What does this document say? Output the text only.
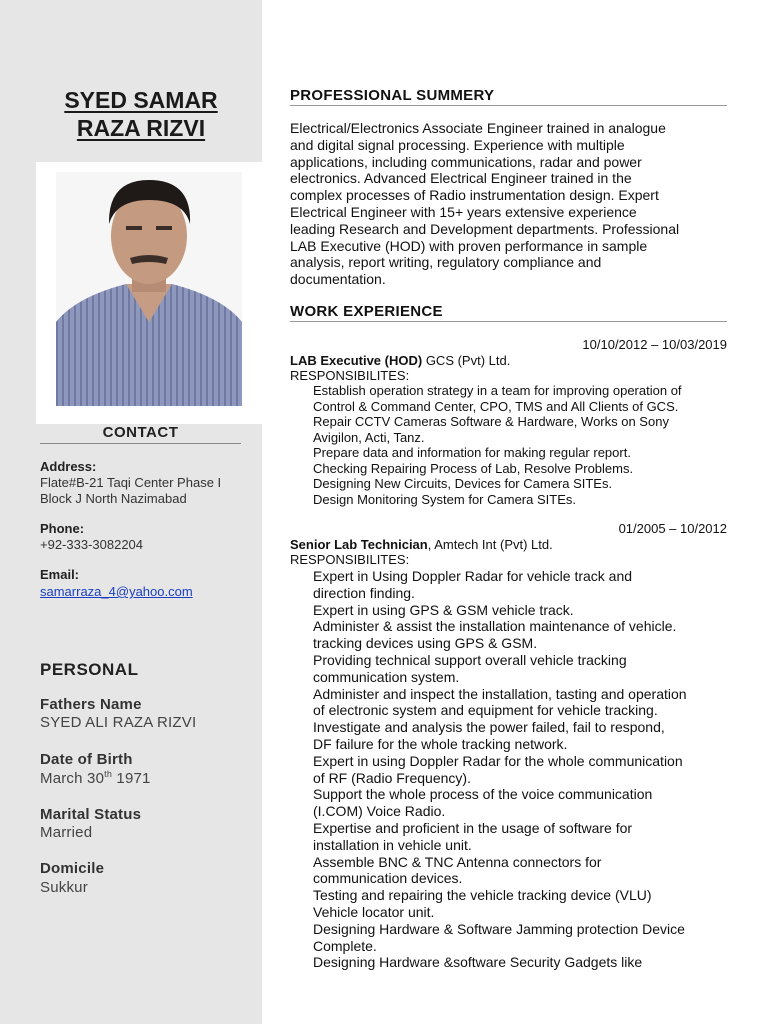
SYED SAMAR
RAZA RIZVI
CONTACT
Address:
Flate#B-21 Taqi Center Phase I
Block J North Nazimabad
Phone:
+92-333-3082204
Email:
samarraza_4@yahoo.com
PERSONAL
Fathers Name
SYED ALI RAZA RIZVI
Date of Birth
March 30th 1971
Marital Status
Married
Domicile
Sukkur
PROFESSIONAL SUMMERY
Electrical/Electronics Associate Engineer trained in analogue
and digital signal processing. Experience with multiple
applications, including communications, radar and power
electronics. Advanced Electrical Engineer trained in the
complex processes of Radio instrumentation design. Expert
Electrical Engineer with 15+ years extensive experience
leading Research and Development departments. Professional
LAB Executive (HOD) with proven performance in sample
analysis, report writing, regulatory compliance and
documentation.
WORK EXPERIENCE
10/10/2012 – 10/03/2019
LAB Executive (HOD) GCS (Pvt) Ltd.
RESPONSIBILITES:
Establish operation strategy in a team for improving operation of
Control & Command Center, CPO, TMS and All Clients of GCS.
Repair CCTV Cameras Software & Hardware, Works on Sony
Avigilon, Acti, Tanz.
Prepare data and information for making regular report.
Checking Repairing Process of Lab, Resolve Problems.
Designing New Circuits, Devices for Camera SITEs.
Design Monitoring System for Camera SITEs.
01/2005 – 10/2012
Senior Lab Technician, Amtech Int (Pvt) Ltd.
RESPONSIBILITES:
Expert in Using Doppler Radar for vehicle track and
direction finding.
Expert in using GPS & GSM vehicle track.
Administer & assist the installation maintenance of vehicle.
tracking devices using GPS & GSM.
Providing technical support overall vehicle tracking
communication system.
Administer and inspect the installation, tasting and operation
of electronic system and equipment for vehicle tracking.
Investigate and analysis the power failed, fail to respond,
DF failure for the whole tracking network.
Expert in using Doppler Radar for the whole communication
of RF (Radio Frequency).
Support the whole process of the voice communication
(I.COM) Voice Radio.
Expertise and proficient in the usage of software for
installation in vehicle unit.
Assemble BNC & TNC Antenna connectors for
communication devices.
Testing and repairing the vehicle tracking device (VLU)
Vehicle locator unit.
Designing Hardware & Software Jamming protection Device
Complete.
Designing Hardware &software Security Gadgets like
